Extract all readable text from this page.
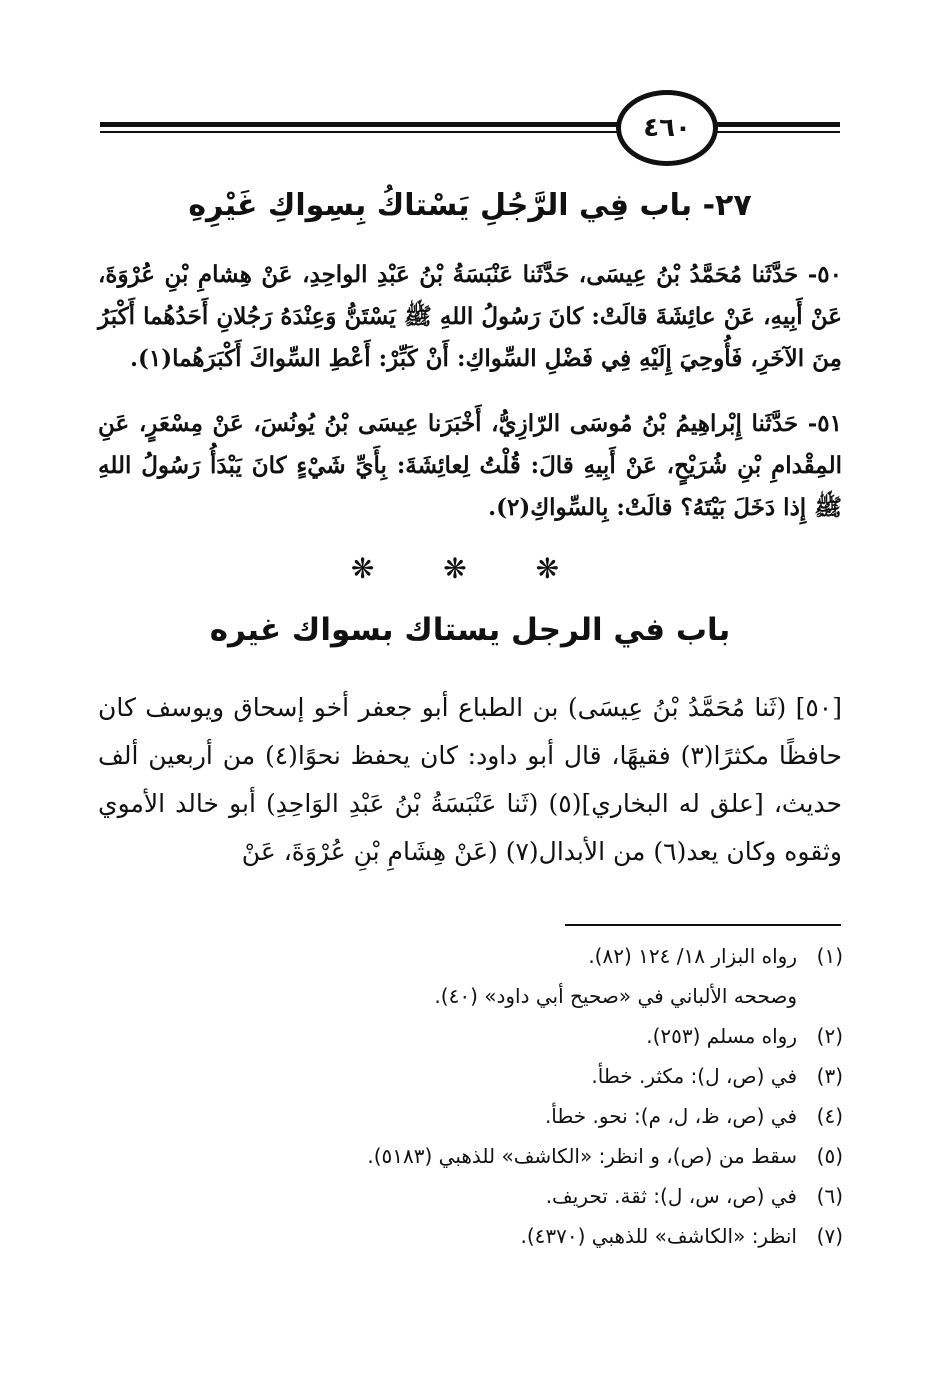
٤٦٠
٢٧- باب فِي الرَّجُلِ يَسْتاكُ بِسِواكِ غَيْرِهِ
٥٠- حَدَّثَنا مُحَمَّدُ بْنُ عِيسَى، حَدَّثَنا عَنْبَسَةُ بْنُ عَبْدِ الواحِدِ، عَنْ هِشامِ بْنِ عُرْوَةَ، عَنْ أَبِيهِ، عَنْ عائِشَةَ قالَتْ: كانَ رَسُولُ اللهِ ﷺ يَسْتَنُّ وَعِنْدَهُ رَجُلانِ أَحَدُهُما أَكْبَرُ مِنَ الآخَرِ، فَأُوحِيَ إِلَيْهِ فِي فَضْلِ السِّواكِ: أَنْ كَبِّرْ: أَعْطِ السِّواكَ أَكْبَرَهُما(١).
٥١- حَدَّثَنا إِبْراهِيمُ بْنُ مُوسَى الرّازِيُّ، أَخْبَرَنا عِيسَى بْنُ يُونُسَ، عَنْ مِسْعَرٍ، عَنِ المِقْدامِ بْنِ شُرَيْحٍ، عَنْ أَبِيهِ قالَ: قُلْتُ لِعائِشَةَ: بِأَيِّ شَيْءٍ كانَ يَبْدَأُ رَسُولُ اللهِ ﷺ إِذا دَخَلَ بَيْتَهُ؟ قالَتْ: بِالسِّواكِ(٢).
❋ ❋ ❋
باب في الرجل يستاك بسواك غيره
[٥٠] (ثَنا مُحَمَّدُ بْنُ عِيسَى) بن الطباع أبو جعفر أخو إسحاق ويوسف كان حافظًا مكثرًا(٣) فقيهًا، قال أبو داود: كان يحفظ نحوًا(٤) من أربعين ألف حديث، [علق له البخاري](٥) (ثَنا عَنْبَسَةُ بْنُ عَبْدِ الوَاحِدِ) أبو خالد الأموي وثقوه وكان يعد(٦) من الأبدال(٧) (عَنْ هِشَامِ بْنِ عُرْوَةَ، عَنْ
(١)رواه البزار ١٨/ ١٢٤ (٨٢).
وصححه الألباني في «صحيح أبي داود» (٤٠).
(٢)رواه مسلم (٢٥٣).
(٣)في (ص، ل): مكثر. خطأ.
(٤)في (ص، ظ، ل، م): نحو. خطأ.
(٥)سقط من (ص)، و انظر: «الكاشف» للذهبي (٥١٨٣).
(٦)في (ص، س، ل): ثقة. تحريف.
(٧)انظر: «الكاشف» للذهبي (٤٣٧٠).
